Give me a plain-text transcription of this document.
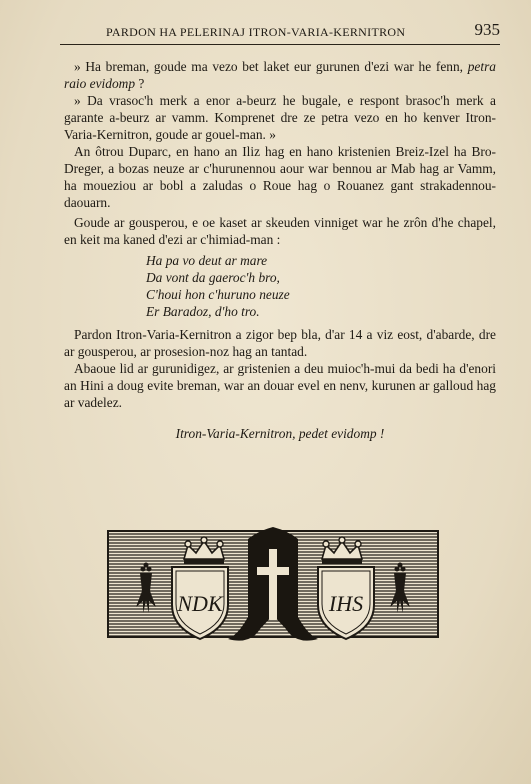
PARDON HA PELERINAJ ITRON-VARIA-KERNITRON	935

» Ha breman, goude ma vezo bet laket eur gurunen d'ezi war he fenn, petra raio evidomp ?

» Da vrasoc'h merk a enor a-beurz he bugale, e respont brasoc'h merk a garante a-beurz ar vamm. Komprenet dre ze petra vezo en ho kenver Itron-Varia-Kernitron, goude ar gouel-man. »

An ôtrou Duparc, en hano an Iliz hag en hano kristenien Breiz-Izel ha Bro-Dreger, a bozas neuze ar c'hurunennou aour war bennou ar Mab hag ar Vamm, ha moueziou ar bobl a zaludas o Roue hag o Rouanez gant strakadennou-daouarn.

Goude ar gousperou, e oe kaset ar skeuden vinniget war he zrôn d'he chapel, en keit ma kaned d'ezi ar c'himiad-man :

Ha pa vo deut ar mare
Da vont da gaeroc'h bro,
C'houi hon c'huruno neuze
Er Baradoz, d'ho tro.

Pardon Itron-Varia-Kernitron a zigor bep bla, d'ar 14 a viz eost, d'abarde, dre ar gousperou, ar prosesion-noz hag an tantad.

Abaoue lid ar gurunidigez, ar gristenien a deu muioc'h-mui da bedi ha d'enori an Hini a doug evite breman, war an douar evel en nenv, kurunen ar galloud hag ar vadelez.

Itron-Varia-Kernitron, pedet evidomp !

NDK	IHS
